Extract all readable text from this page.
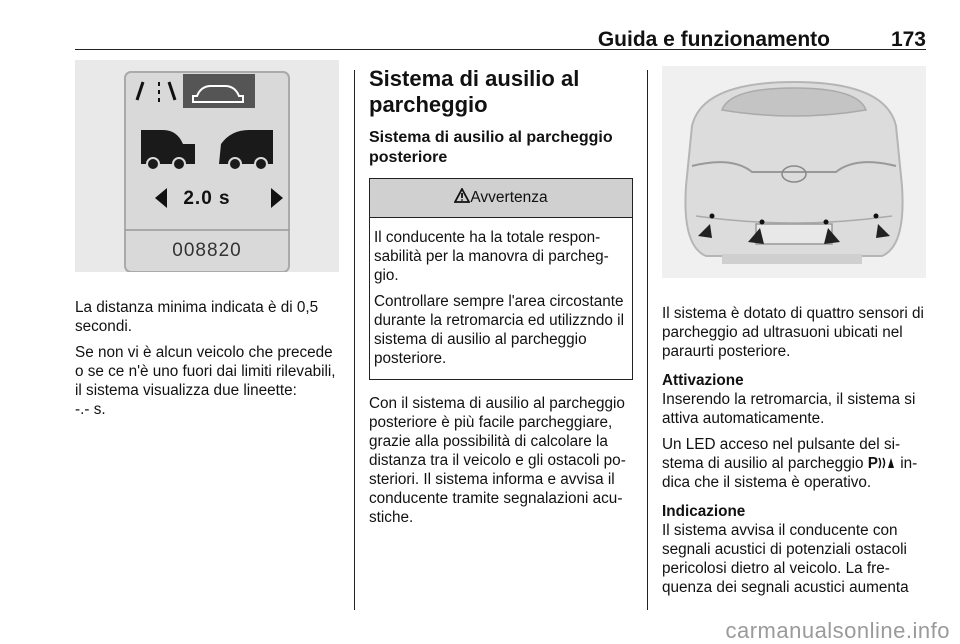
Guida e funzionamento	173
2.0 s
008820

La distanza minima indicata è di 0,5 secondi.

Se non vi è alcun veicolo che precede o se ce n'è uno fuori dai limiti rilevabili, il sistema visualizza due lineette:

-.- s.

Sistema di ausilio al parcheggio
Sistema di ausilio al parcheggio posteriore
Avvertenza

Il conducente ha la totale responsabilità per la manovra di parcheggio.

Controllare sempre l'area circostante durante la retromarcia ed utilizzndo il sistema di ausilio al parcheggio posteriore.

Con il sistema di ausilio al parcheggio posteriore è più facile parcheggiare, grazie alla possibilità di calcolare la distanza tra il veicolo e gli ostacoli posteriori. Il sistema informa e avvisa il conducente tramite segnalazioni acustiche.

Il sistema è dotato di quattro sensori di parcheggio ad ultrasuoni ubicati nel paraurti posteriore.

Attivazione

Inserendo la retromarcia, il sistema si attiva automaticamente.

Un LED acceso nel pulsante del sistema di ausilio al parcheggio P indica che il sistema è operativo.

Indicazione

Il sistema avvisa il conducente con segnali acustici di potenziali ostacoli pericolosi dietro al veicolo. La frequenza dei segnali acustici aumenta

carmanualsonline.info
